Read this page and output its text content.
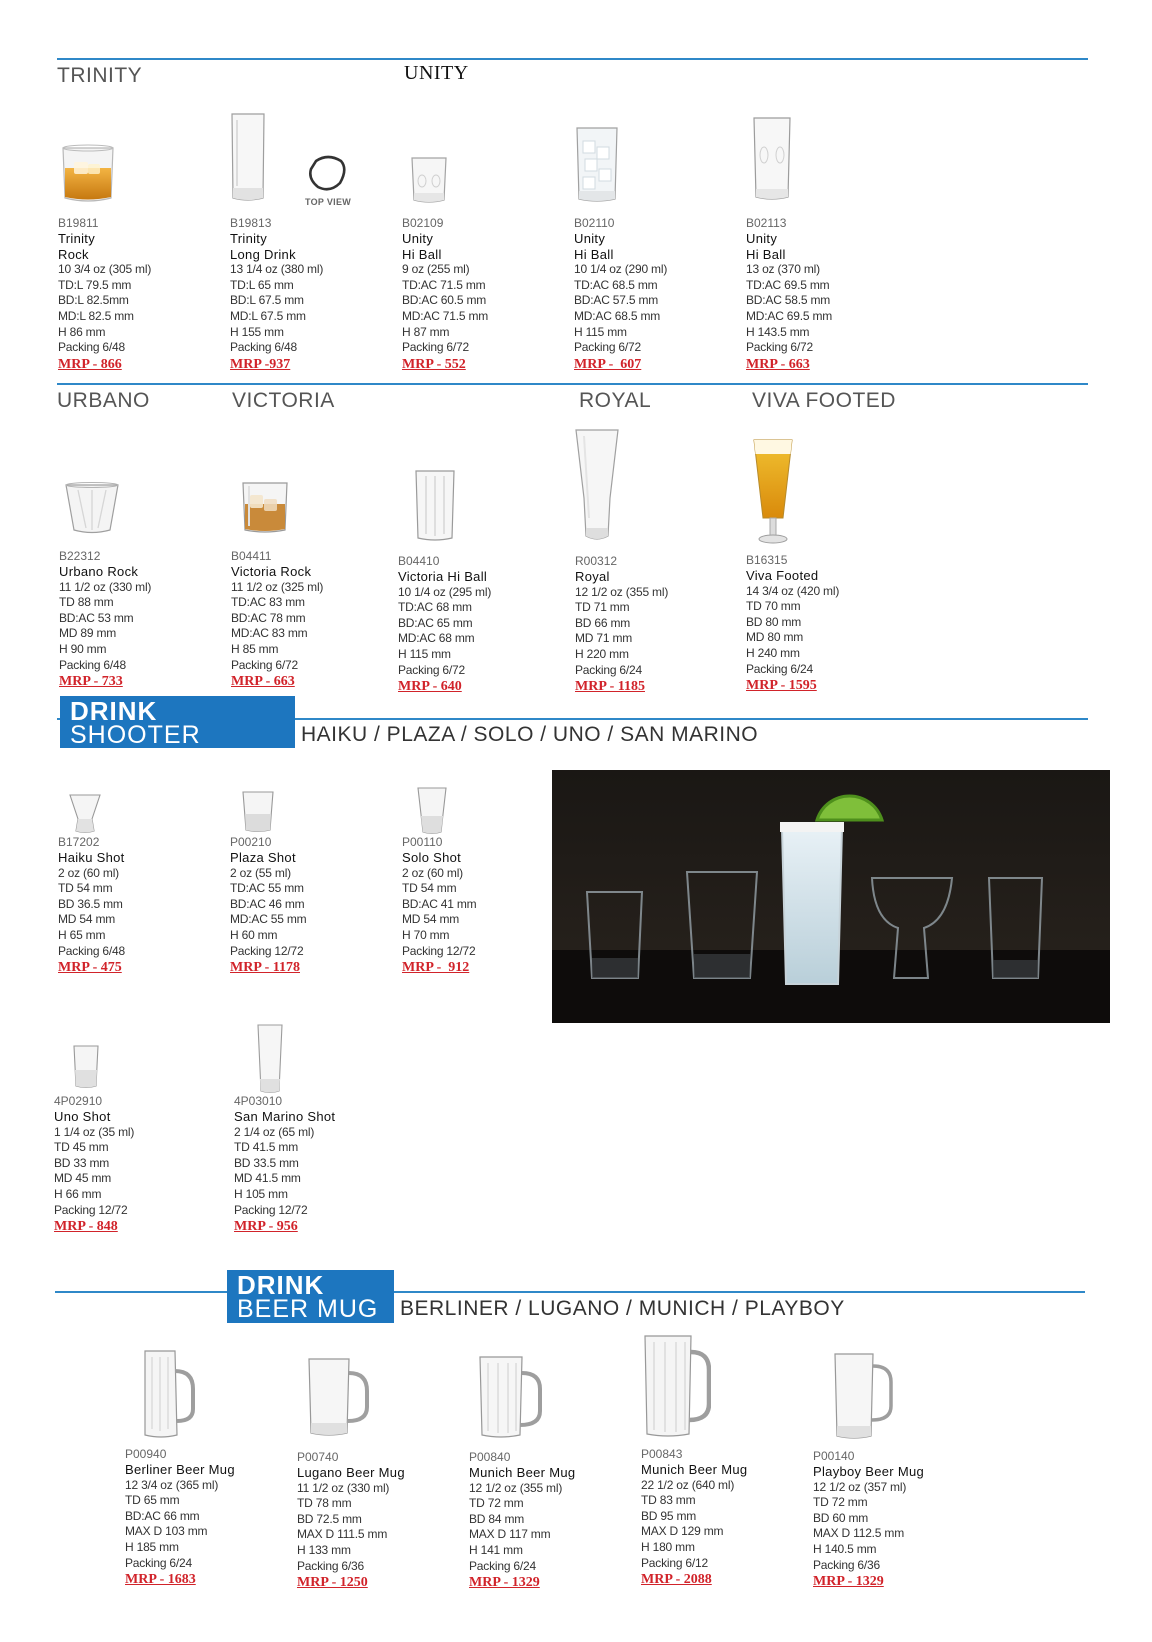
TRINITY	UNITY
URBANO	VICTORIA	ROYAL	VIVA FOOTED
DRINK
SHOOTER	HAIKU / PLAZA / SOLO / UNO / SAN MARINO
DRINK
BEER MUG	BERLINER / LUGANO / MUNICH / PLAYBOY
TOP VIEW
B19811
Trinity
Rock
10 3/4 oz (305 ml)
TD:L 79.5 mm
BD:L 82.5mm
MD:L 82.5 mm
H 86 mm
Packing 6/48
MRP - 866
B19813
Trinity
Long Drink
13 1/4 oz (380 ml)
TD:L 65 mm
BD:L 67.5 mm
MD:L 67.5 mm
H 155 mm
Packing 6/48
MRP -937
B02109
Unity
Hi Ball
9 oz (255 ml)
TD:AC 71.5 mm
BD:AC 60.5 mm
MD:AC 71.5 mm
H 87 mm
Packing 6/72
MRP - 552
B02110
Unity
Hi Ball
10 1/4 oz (290 ml)
TD:AC 68.5 mm
BD:AC 57.5 mm
MD:AC 68.5 mm
H 115 mm
Packing 6/72
MRP -  607
B02113
Unity
Hi Ball
13 oz (370 ml)
TD:AC 69.5 mm
BD:AC 58.5 mm
MD:AC 69.5 mm
H 143.5 mm
Packing 6/72
MRP - 663
B22312
Urbano Rock
11 1/2 oz (330 ml)
TD 88 mm
BD:AC 53 mm
MD 89 mm
H 90 mm
Packing 6/48
MRP - 733
B04411
Victoria Rock
11 1/2 oz (325 ml)
TD:AC 83 mm
BD:AC 78 mm
MD:AC 83 mm
H 85 mm
Packing 6/72
MRP - 663
B04410
Victoria Hi Ball
10 1/4 oz (295 ml)
TD:AC 68 mm
BD:AC 65 mm
MD:AC 68 mm
H 115 mm
Packing 6/72
MRP - 640
R00312
Royal
12 1/2 oz (355 ml)
TD 71 mm
BD 66 mm
MD 71 mm
H 220 mm
Packing 6/24
MRP - 1185
B16315
Viva Footed
14 3/4 oz (420 ml)
TD 70 mm
BD 80 mm
MD 80 mm
H 240 mm
Packing 6/24
MRP - 1595
B17202
Haiku Shot
2 oz (60 ml)
TD 54 mm
BD 36.5 mm
MD 54 mm
H 65 mm
Packing 6/48
MRP - 475
P00210
Plaza Shot
2 oz (55 ml)
TD:AC 55 mm
BD:AC 46 mm
MD:AC 55 mm
H 60 mm
Packing 12/72
MRP - 1178
P00110
Solo Shot
2 oz (60 ml)
TD 54 mm
BD:AC 41 mm
MD 54 mm
H 70 mm
Packing 12/72
MRP -  912
4P02910
Uno Shot
1 1/4 oz (35 ml)
TD 45 mm
BD 33 mm
MD 45 mm
H 66 mm
Packing 12/72
MRP - 848
4P03010
San Marino Shot
2 1/4 oz (65 ml)
TD 41.5 mm
BD 33.5 mm
MD 41.5 mm
H 105 mm
Packing 12/72
MRP - 956
P00940
Berliner Beer Mug
12 3/4 oz (365 ml)
TD 65 mm
BD:AC 66 mm
MAX D 103 mm
H 185 mm
Packing 6/24
MRP - 1683
P00740
Lugano Beer Mug
11 1/2 oz (330 ml)
TD 78 mm
BD 72.5 mm
MAX D 111.5 mm
H 133 mm
Packing 6/36
MRP - 1250
P00840
Munich Beer Mug
12 1/2 oz (355 ml)
TD 72 mm
BD 84 mm
MAX D 117 mm
H 141 mm
Packing 6/24
MRP - 1329
P00843
Munich Beer Mug
22 1/2 oz (640 ml)
TD 83 mm
BD 95 mm
MAX D 129 mm
H 180 mm
Packing 6/12
MRP - 2088
P00140
Playboy Beer Mug
12 1/2 oz (357 ml)
TD 72 mm
BD 60 mm
MAX D 112.5 mm
H 140.5 mm
Packing 6/36
MRP - 1329
